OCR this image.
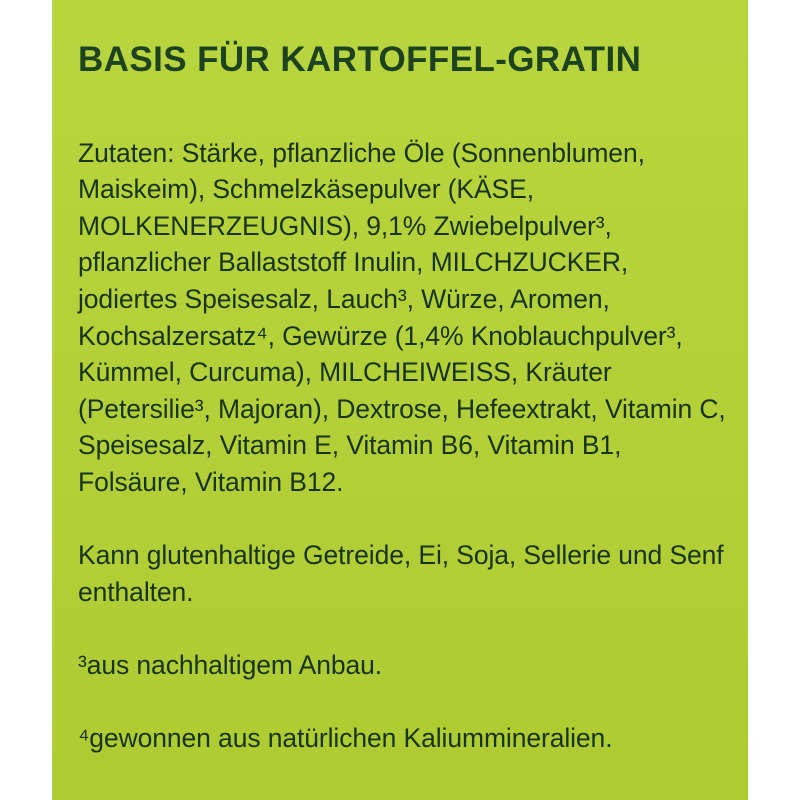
BASIS FÜR KARTOFFEL-GRATIN

Zutaten: Stärke, pflanzliche Öle (Sonnenblumen, Maiskeim), Schmelzkäsepulver (KÄSE, MOLKENERZEUGNIS), 9,1% Zwiebelpulver³, pflanzlicher Ballaststoff Inulin, MILCHZUCKER, jodiertes Speisesalz, Lauch³, Würze, Aromen, Kochsalzersatz⁴, Gewürze (1,4% Knoblauchpulver³, Kümmel, Curcuma), MILCHEIWEISS, Kräuter (Petersilie³, Majoran), Dextrose, Hefeextrakt, Vitamin C, Speisesalz, Vitamin E, Vitamin B6, Vitamin B1, Folsäure, Vitamin B12.

Kann glutenhaltige Getreide, Ei, Soja, Sellerie und Senf enthalten.

³aus nachhaltigem Anbau.

⁴gewonnen aus natürlichen Kaliummineralien.
